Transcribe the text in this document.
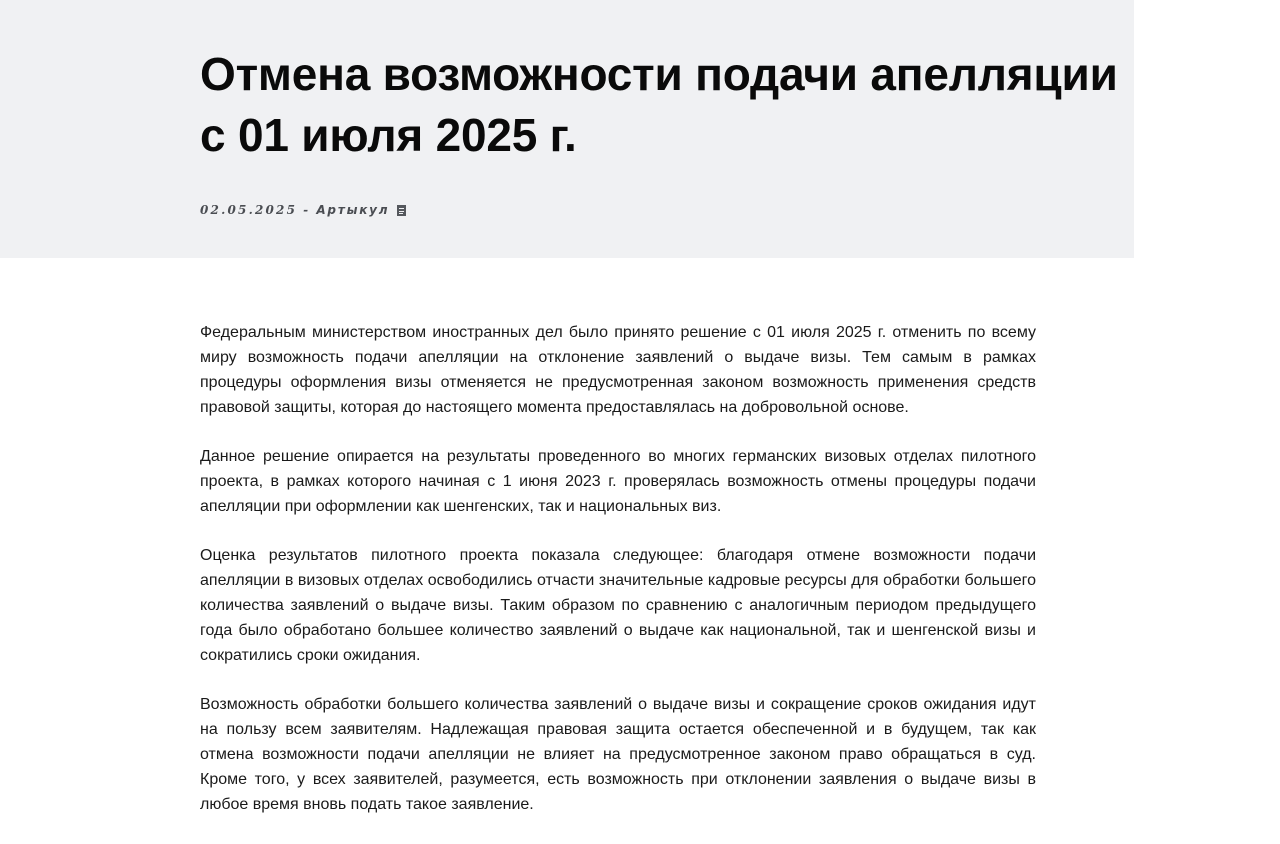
Отмена возможности подачи апелляции с 01 июля 2025 г.
02.05.2025 - Артыкул

Федеральным министерством иностранных дел было принято решение с 01 июля 2025 г. отменить по всему миру возможность подачи апелляции на отклонение заявлений о выдаче визы. Тем самым в рамках процедуры оформления визы отменяется не предусмотренная законом возможность применения средств правовой защиты, которая до настоящего момента предоставлялась на добровольной основе.

Данное решение опирается на результаты проведенного во многих германских визовых отделах пилотного проекта, в рамках которого начиная с 1 июня 2023 г. проверялась возможность отмены процедуры подачи апелляции при оформлении как шенгенских, так и национальных виз.

Оценка результатов пилотного проекта показала следующее: благодаря отмене возможности подачи апелляции в визовых отделах освободились отчасти значительные кадровые ресурсы для обработки большего количества заявлений о выдаче визы. Таким образом по сравнению с аналогичным периодом предыдущего года было обработано большее количество заявлений о выдаче как национальной, так и шенгенской визы и сократились сроки ожидания.

Возможность обработки большего количества заявлений о выдаче визы и сокращение сроков ожидания идут на пользу всем заявителям. Надлежащая правовая защита остается обеспеченной и в будущем, так как отмена возможности подачи апелляции не влияет на предусмотренное законом право обращаться в суд. Кроме того, у всех заявителей, разумеется, есть возможность при отклонении заявления о выдаче визы в любое время вновь подать такое заявление.
